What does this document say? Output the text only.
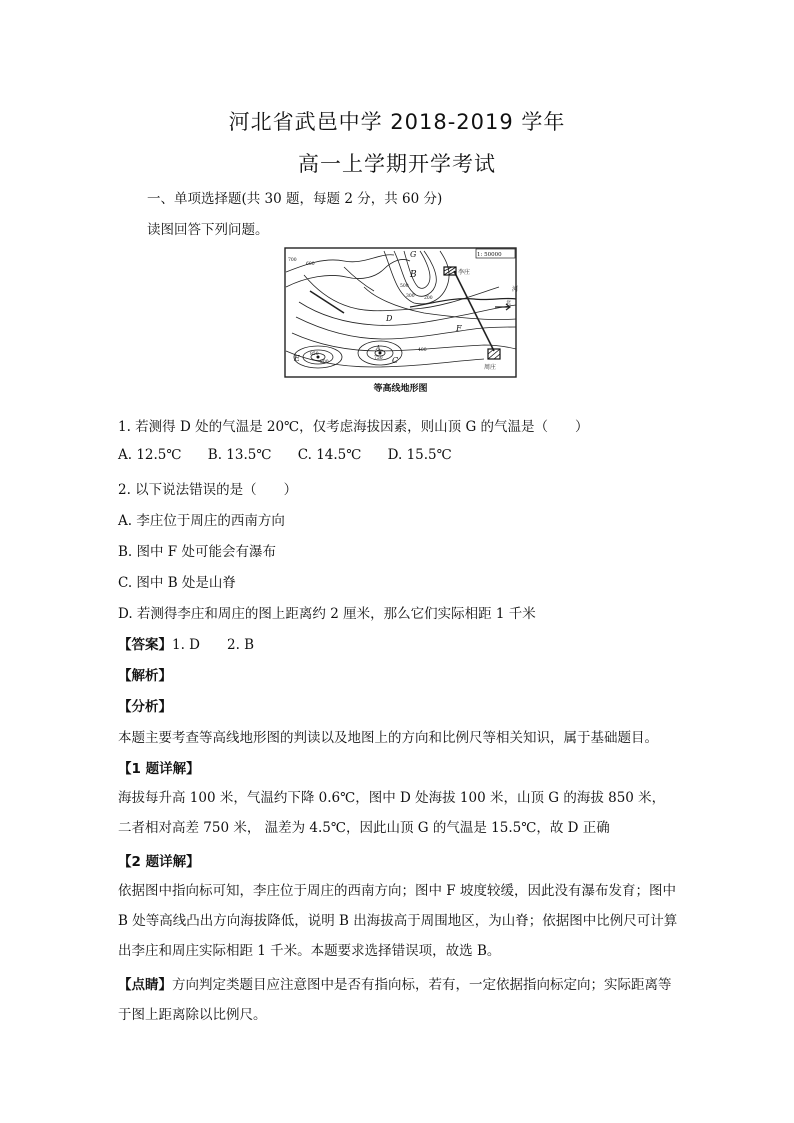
河北省武邑中学 2018-2019 学年
高一上学期开学考试
一、单项选择题(共 30 题，每题 2 分，共 60 分)
读图回答下列问题。
1: 50000
G
B	李庄
周庄
河
D
F
C
A
E
北
700
600
300 200
500
400
850
800
750
等高线地形图
1. 若测得 D 处的气温是 20℃，仅考虑海拔因素，则山顶 G 的气温是（　　）
A. 12.5℃ B. 13.5℃ C. 14.5℃ D. 15.5℃
2. 以下说法错误的是（　　）
A. 李庄位于周庄的西南方向
B. 图中 F 处可能会有瀑布
C. 图中 B 处是山脊
D. 若测得李庄和周庄的图上距离约 2 厘米，那么它们实际相距 1 千米
【答案】1. D　　2. B
【解析】
【分析】
本题主要考查等高线地形图的判读以及地图上的方向和比例尺等相关知识，属于基础题目。
【1 题详解】
海拔每升高 100 米，气温约下降 0.6℃，图中 D 处海拔 100 米，山顶 G 的海拔 850 米，二者相对高差 750 米， 温差为 4.5℃，因此山顶 G 的气温是 15.5℃，故 D 正确
【2 题详解】
依据图中指向标可知，李庄位于周庄的西南方向；图中 F 坡度较缓，因此没有瀑布发育；图中 B 处等高线凸出方向海拔降低，说明 B 出海拔高于周围地区，为山脊；依据图中比例尺可计算出李庄和周庄实际相距 1 千米。本题要求选择错误项，故选 B。
【点睛】方向判定类题目应注意图中是否有指向标，若有，一定依据指向标定向；实际距离等于图上距离除以比例尺。
